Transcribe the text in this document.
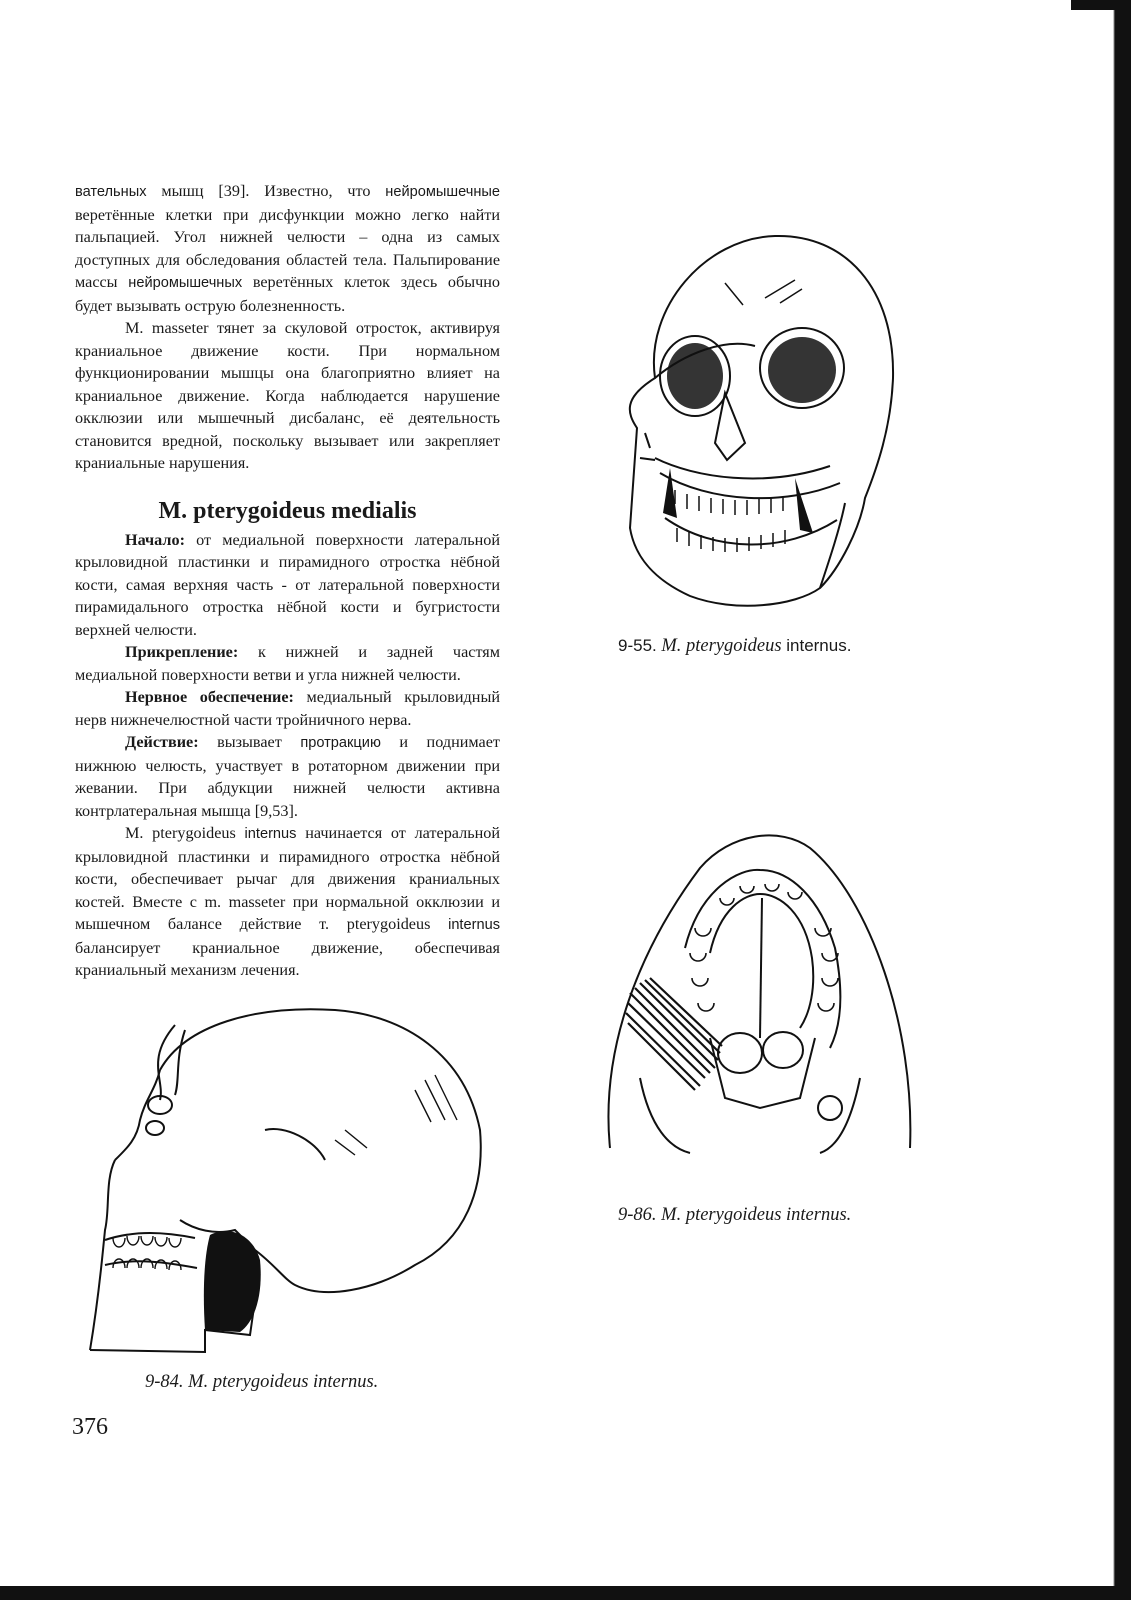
вательных мышц [39]. Известно, что нейромышечные веретённые клетки при дисфункции можно легко найти пальпацией. Угол нижней челюсти – одна из самых доступных для обследования областей тела. Пальпирование массы нейромышечных веретённых клеток здесь обычно будет вызывать острую болезненность.

M. masseter тянет за скуловой отросток, активируя краниальное движение кости. При нормальном функционировании мышцы она благоприятно влияет на краниальное движение. Когда наблюдается нарушение окклюзии или мышечный дисбаланс, её деятельность становится вредной, поскольку вызывает или закрепляет краниальные нарушения.

M. pterygoideus medialis

Начало: от медиальной поверхности латеральной крыловидной пластинки и пирамидного отростка нёбной кости, самая верхняя часть - от латеральной поверхности пирамидального отростка нёбной кости и бугристости верхней челюсти.

Прикрепление: к нижней и задней частям медиальной поверхности ветви и угла нижней челюсти.

Нервное обеспечение: медиальный крыловидный нерв нижнечелюстной части тройничного нерва.

Действие: вызывает протракцию и поднимает нижнюю челюсть, участвует в ротаторном движении при жевании. При абдукции нижней челюсти активна контрлатеральная мышца [9,53].

M. pterygoideus internus начинается от латеральной крыловидной пластинки и пирамидного отростка нёбной кости, обеспечивает рычаг для движения краниальных костей. Вместе с m. masseter при нормальной окклюзии и мышечном балансе действие т. pterygoideus internus балансирует краниальное движение, обеспечивая краниальный механизм лечения.

9-55. M. pterygoideus internus.
9-86. M. pterygoideus internus.
9-84. M. pterygoideus internus.
376
